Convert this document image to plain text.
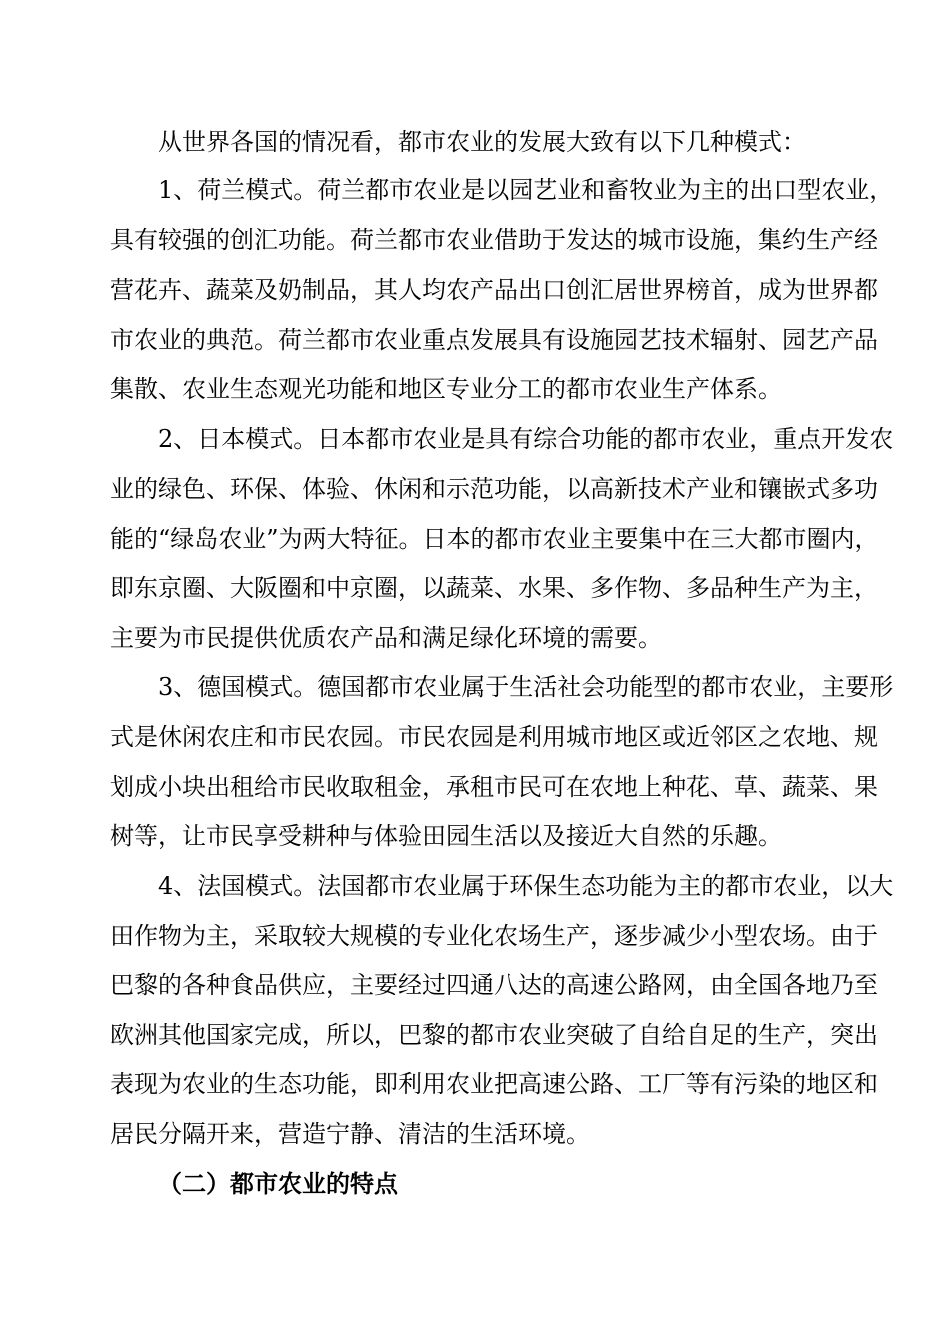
从世界各国的情况看，都市农业的发展大致有以下几种模式：
1、荷兰模式。荷兰都市农业是以园艺业和畜牧业为主的出口型农业，
具有较强的创汇功能。荷兰都市农业借助于发达的城市设施，集约生产经
营花卉、蔬菜及奶制品，其人均农产品出口创汇居世界榜首，成为世界都
市农业的典范。荷兰都市农业重点发展具有设施园艺技术辐射、园艺产品
集散、农业生态观光功能和地区专业分工的都市农业生产体系。
2、日本模式。日本都市农业是具有综合功能的都市农业，重点开发农
业的绿色、环保、体验、休闲和示范功能，以高新技术产业和镶嵌式多功
能的“绿岛农业”为两大特征。日本的都市农业主要集中在三大都市圈内，
即东京圈、大阪圈和中京圈，以蔬菜、水果、多作物、多品种生产为主，
主要为市民提供优质农产品和满足绿化环境的需要。
3、德国模式。德国都市农业属于生活社会功能型的都市农业，主要形
式是休闲农庄和市民农园。市民农园是利用城市地区或近邻区之农地、规
划成小块出租给市民收取租金，承租市民可在农地上种花、草、蔬菜、果
树等，让市民享受耕种与体验田园生活以及接近大自然的乐趣。
4、法国模式。法国都市农业属于环保生态功能为主的都市农业，以大
田作物为主，采取较大规模的专业化农场生产，逐步减少小型农场。由于
巴黎的各种食品供应，主要经过四通八达的高速公路网，由全国各地乃至
欧洲其他国家完成，所以，巴黎的都市农业突破了自给自足的生产，突出
表现为农业的生态功能，即利用农业把高速公路、工厂等有污染的地区和
居民分隔开来，营造宁静、清洁的生活环境。
（二）都市农业的特点
